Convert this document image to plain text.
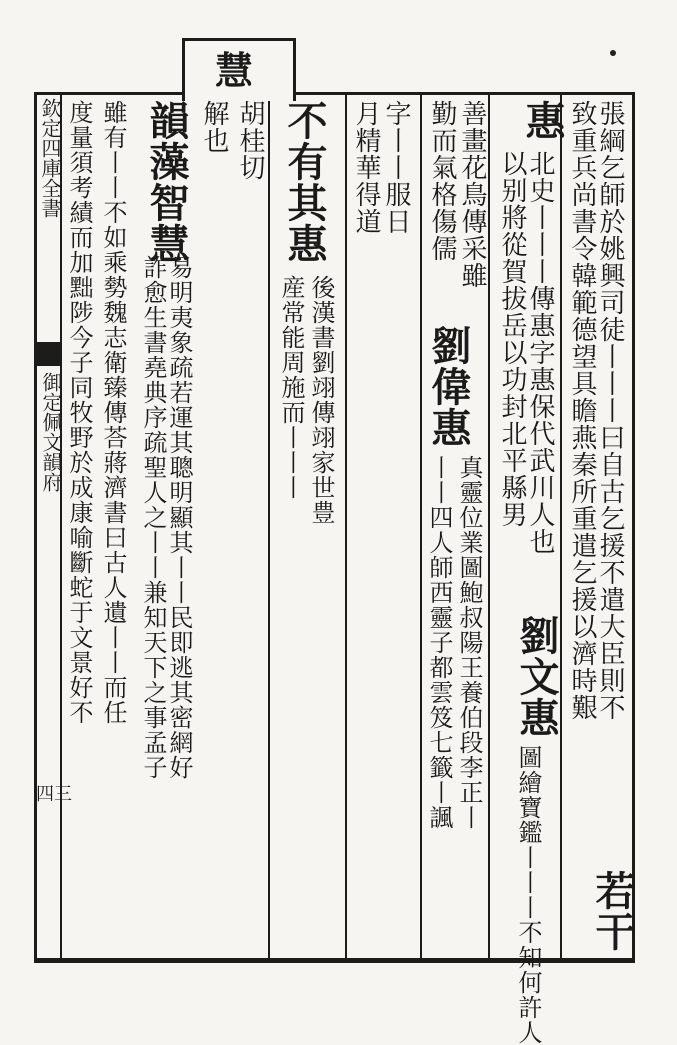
慧
欽定四庫全書
御定佩文韻府
四三
張綱乞師於姚興司徒丨丨丨曰自古乞援不遣大臣則不
致重兵尚書令韓範德望具瞻燕秦所重遣乞援以濟時艱
若干
惠
北史丨丨丨傳惠字惠保代武川人也
以别將從賀拔岳以功封北平縣男
劉文惠
圖繪寶鑑丨丨丨不知何許人
善畫花鳥傳采雖
劉偉惠
真靈位業圖鮑叔陽王養伯段李正丨
勤而氣格傷儒
丨丨四人師西靈子都雲笈七籤丨諷
字丨丨服日
月精華得道
不有其惠
後漢書劉翊傳翊家世豊
産常能周施而丨丨丨
胡桂切
解也
韻藻智慧
易明夷象疏若運其聰明顯其丨丨民即逃其密網好
詐愈生書堯典序疏聖人之丨丨兼知天下之事孟子
雖有丨丨不如乘勢魏志衛臻傳荅蔣濟書曰古人遺丨丨而任
度量須考績而加黜陟今子同牧野於成康喻斷蛇于文景好不
